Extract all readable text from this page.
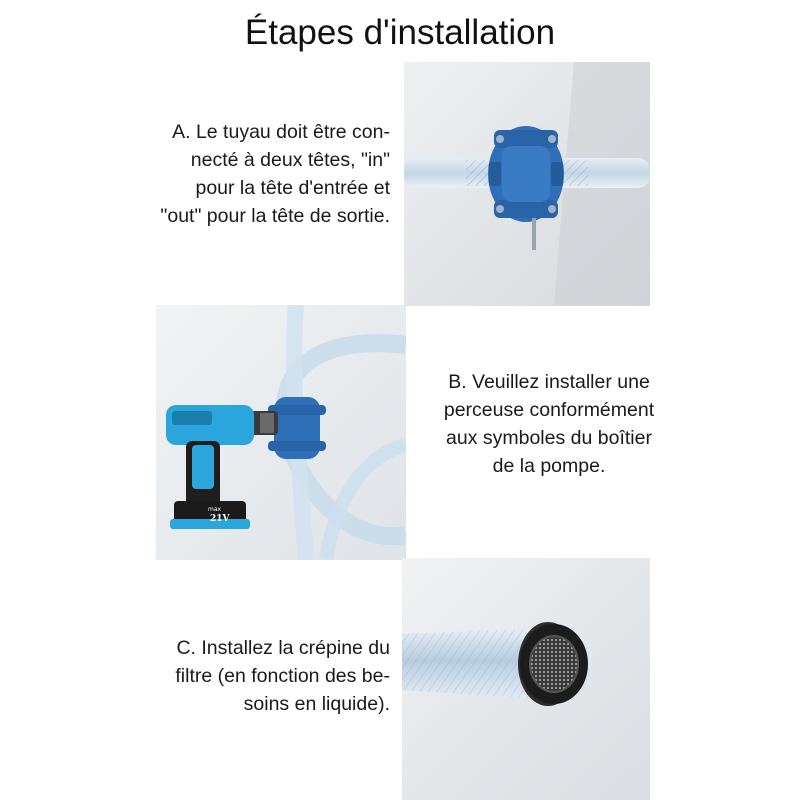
Étapes d'installation
A. Le tuyau doit être con-
necté à deux têtes, "in"
pour la tête d'entrée et
"out" pour la tête de sortie.
max
21V
B. Veuillez installer une
perceuse conformément
aux symboles du boîtier
de la pompe.
C. Installez la crépine du
filtre (en fonction des be-
soins en liquide).
